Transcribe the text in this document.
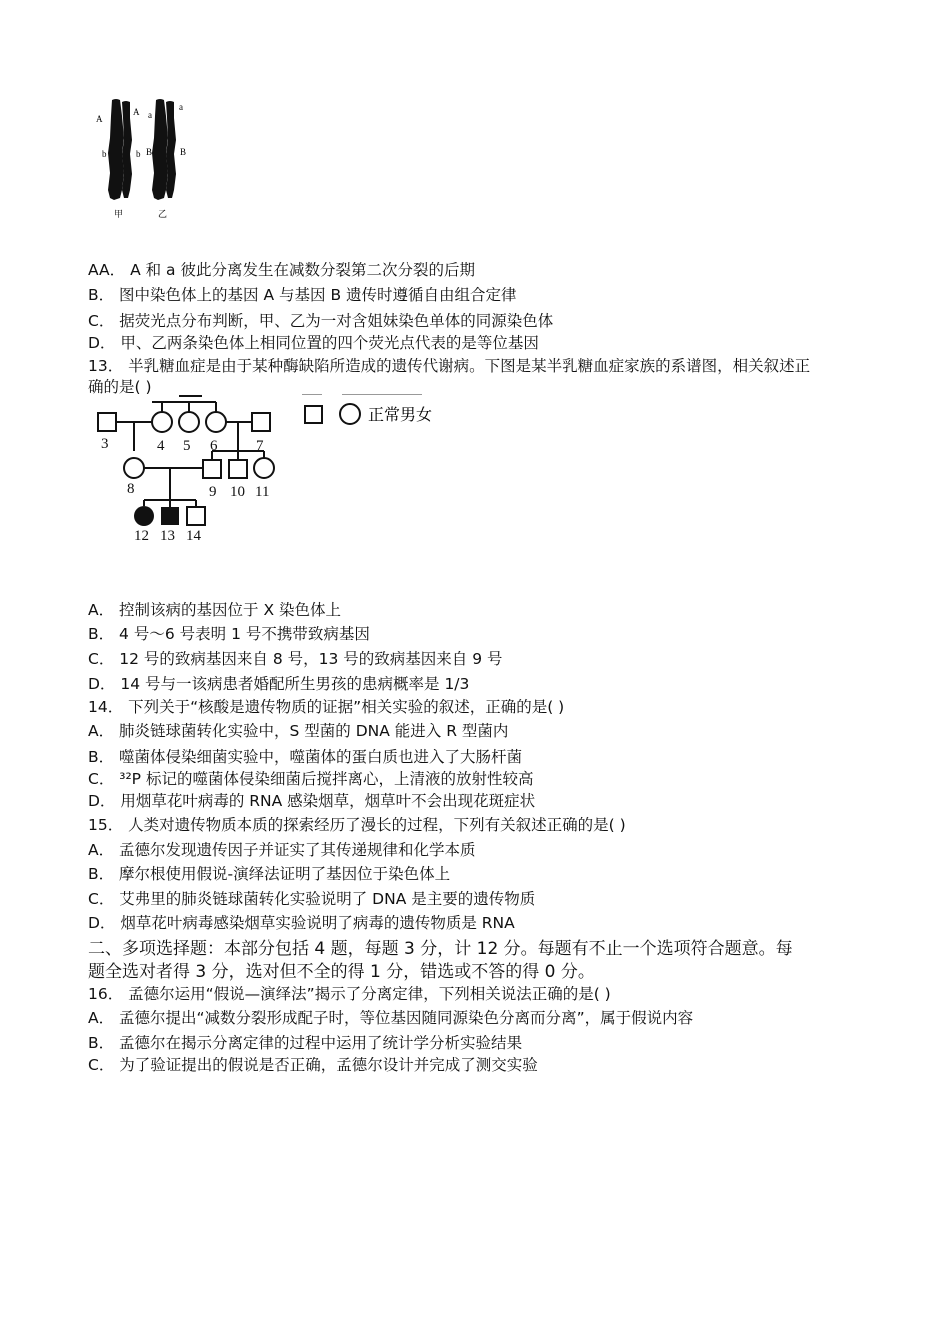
A
A a
a
b	b B	B
甲	乙
AA． A 和 a 彼此分离发生在减数分裂第二次分裂的后期
B． 图中染色体上的基因 A 与基因 B 遗传时遵循自由组合定律
C． 据荧光点分布判断，甲、乙为一对含姐妹染色单体的同源染色体
D． 甲、乙两条染色体上相同位置的四个荧光点代表的是等位基因
13． 半乳糖血症是由于某种酶缺陷所造成的遗传代谢病。下图是某半乳糖血症家族的系谱图，相关叙述正
确的是( )
正常男女
3	4 5 6	7
8	9 10 11
12 13 14
A． 控制该病的基因位于 X 染色体上
B． 4 号～6 号表明 1 号不携带致病基因
C． 12 号的致病基因来自 8 号，13 号的致病基因来自 9 号
D． 14 号与一该病患者婚配所生男孩的患病概率是 1/3
14． 下列关于“核酸是遗传物质的证据”相关实验的叙述，正确的是( )
A． 肺炎链球菌转化实验中，S 型菌的 DNA 能进入 R 型菌内
B． 噬菌体侵染细菌实验中，噬菌体的蛋白质也进入了大肠杆菌
C． ³²P 标记的噬菌体侵染细菌后搅拌离心，上清液的放射性较高
D． 用烟草花叶病毒的 RNA 感染烟草，烟草叶不会出现花斑症状
15． 人类对遗传物质本质的探索经历了漫长的过程，下列有关叙述正确的是( )
A． 孟德尔发现遗传因子并证实了其传递规律和化学本质
B． 摩尔根使用假说-演绎法证明了基因位于染色体上
C． 艾弗里的肺炎链球菌转化实验说明了 DNA 是主要的遗传物质
D． 烟草花叶病毒感染烟草实验说明了病毒的遗传物质是 RNA
二、多项选择题：本部分包括 4 题，每题 3 分，计 12 分。每题有不止一个选项符合题意。每
题全选对者得 3 分，选对但不全的得 1 分，错选或不答的得 0 分。
16． 孟德尔运用“假说—演绎法”揭示了分离定律，下列相关说法正确的是( )
A． 孟德尔提出“减数分裂形成配子时，等位基因随同源染色分离而分离”，属于假说内容
B． 孟德尔在揭示分离定律的过程中运用了统计学分析实验结果
C． 为了验证提出的假说是否正确，孟德尔设计并完成了测交实验
